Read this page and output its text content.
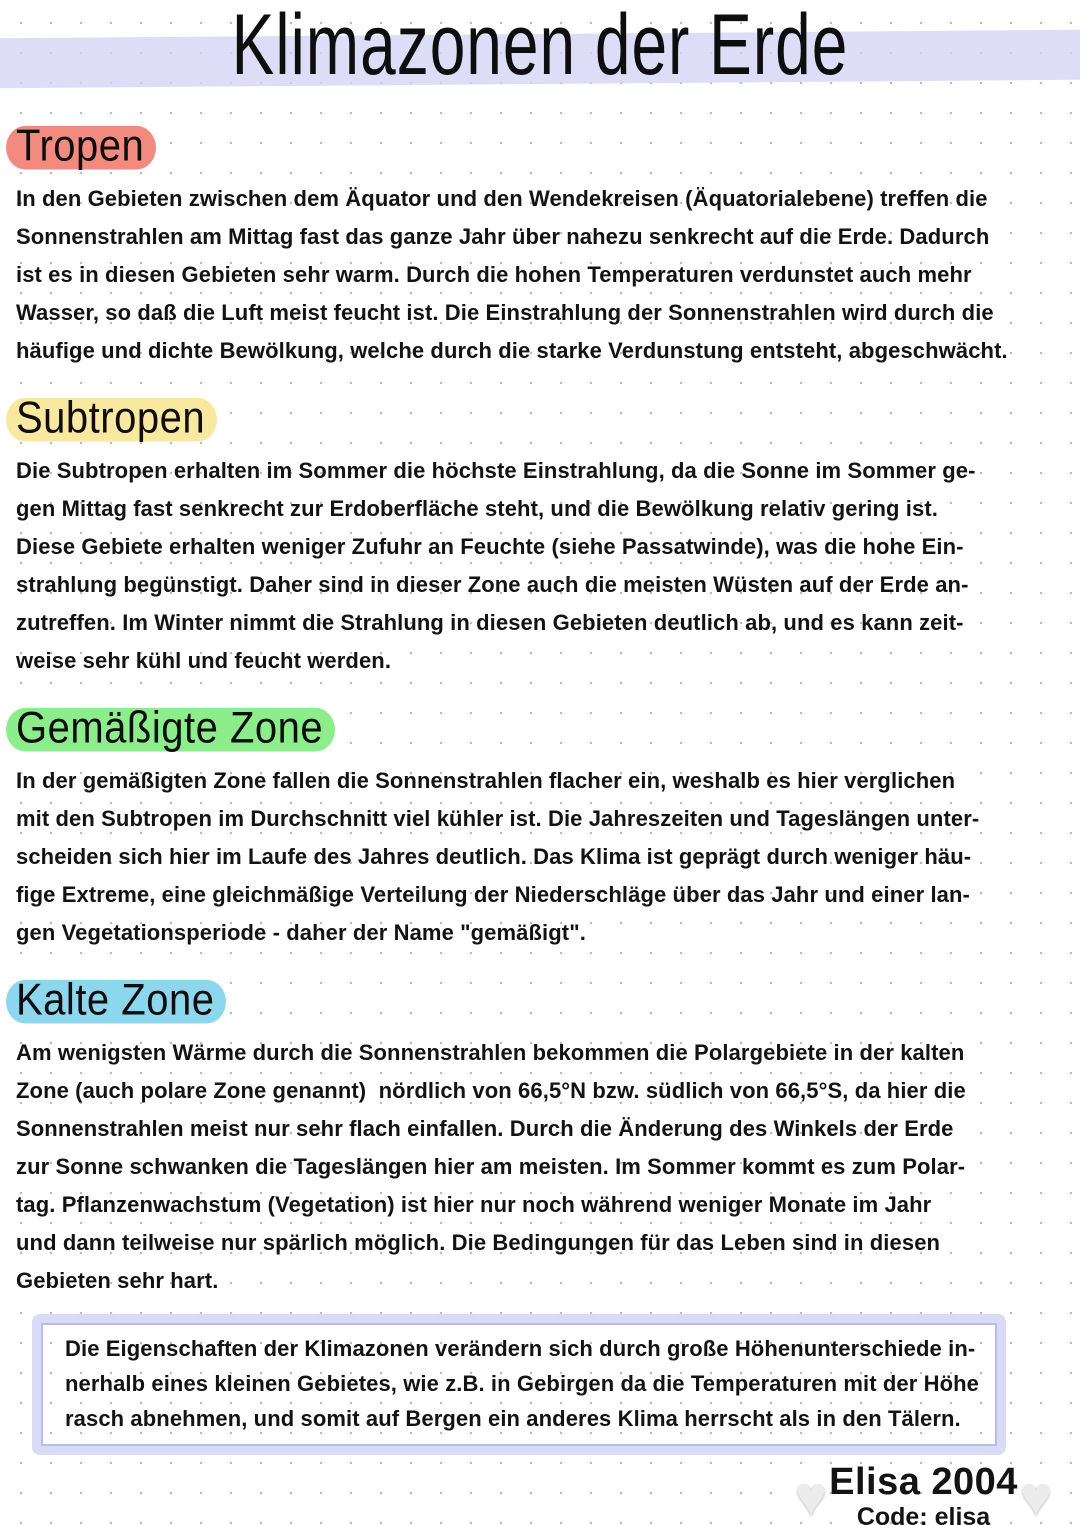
Klimazonen der Erde
Tropen
In den Gebieten zwischen dem Äquator und den Wendekreisen (Äquatorialebene) treffen die
Sonnenstrahlen am Mittag fast das ganze Jahr über nahezu senkrecht auf die Erde. Dadurch
ist es in diesen Gebieten sehr warm. Durch die hohen Temperaturen verdunstet auch mehr
Wasser, so daß die Luft meist feucht ist. Die Einstrahlung der Sonnenstrahlen wird durch die
häufige und dichte Bewölkung, welche durch die starke Verdunstung entsteht, abgeschwächt.
Subtropen
Die Subtropen erhalten im Sommer die höchste Einstrahlung, da die Sonne im Sommer ge-
gen Mittag fast senkrecht zur Erdoberfläche steht, und die Bewölkung relativ gering ist.
Diese Gebiete erhalten weniger Zufuhr an Feuchte (siehe Passatwinde), was die hohe Ein-
strahlung begünstigt. Daher sind in dieser Zone auch die meisten Wüsten auf der Erde an-
zutreffen. Im Winter nimmt die Strahlung in diesen Gebieten deutlich ab, und es kann zeit-
weise sehr kühl und feucht werden.
Gemäßigte Zone
In der gemäßigten Zone fallen die Sonnenstrahlen flacher ein, weshalb es hier verglichen
mit den Subtropen im Durchschnitt viel kühler ist. Die Jahreszeiten und Tageslängen unter-
scheiden sich hier im Laufe des Jahres deutlich. Das Klima ist geprägt durch weniger häu-
fige Extreme, eine gleichmäßige Verteilung der Niederschläge über das Jahr und einer lan-
gen Vegetationsperiode - daher der Name "gemäßigt".
Kalte Zone
Am wenigsten Wärme durch die Sonnenstrahlen bekommen die Polargebiete in der kalten
Zone (auch polare Zone genannt)  nördlich von 66,5°N bzw. südlich von 66,5°S, da hier die
Sonnenstrahlen meist nur sehr flach einfallen. Durch die Änderung des Winkels der Erde
zur Sonne schwanken die Tageslängen hier am meisten. Im Sommer kommt es zum Polar-
tag. Pflanzenwachstum (Vegetation) ist hier nur noch während weniger Monate im Jahr
und dann teilweise nur spärlich möglich. Die Bedingungen für das Leben sind in diesen
Gebieten sehr hart.
Die Eigenschaften der Klimazonen verändern sich durch große Höhenunterschiede in-
nerhalb eines kleinen Gebietes, wie z.B. in Gebirgen da die Temperaturen mit der Höhe
rasch abnehmen, und somit auf Bergen ein anderes Klima herrscht als in den Tälern.
♥ Elisa 2004
Code: elisa ♥
